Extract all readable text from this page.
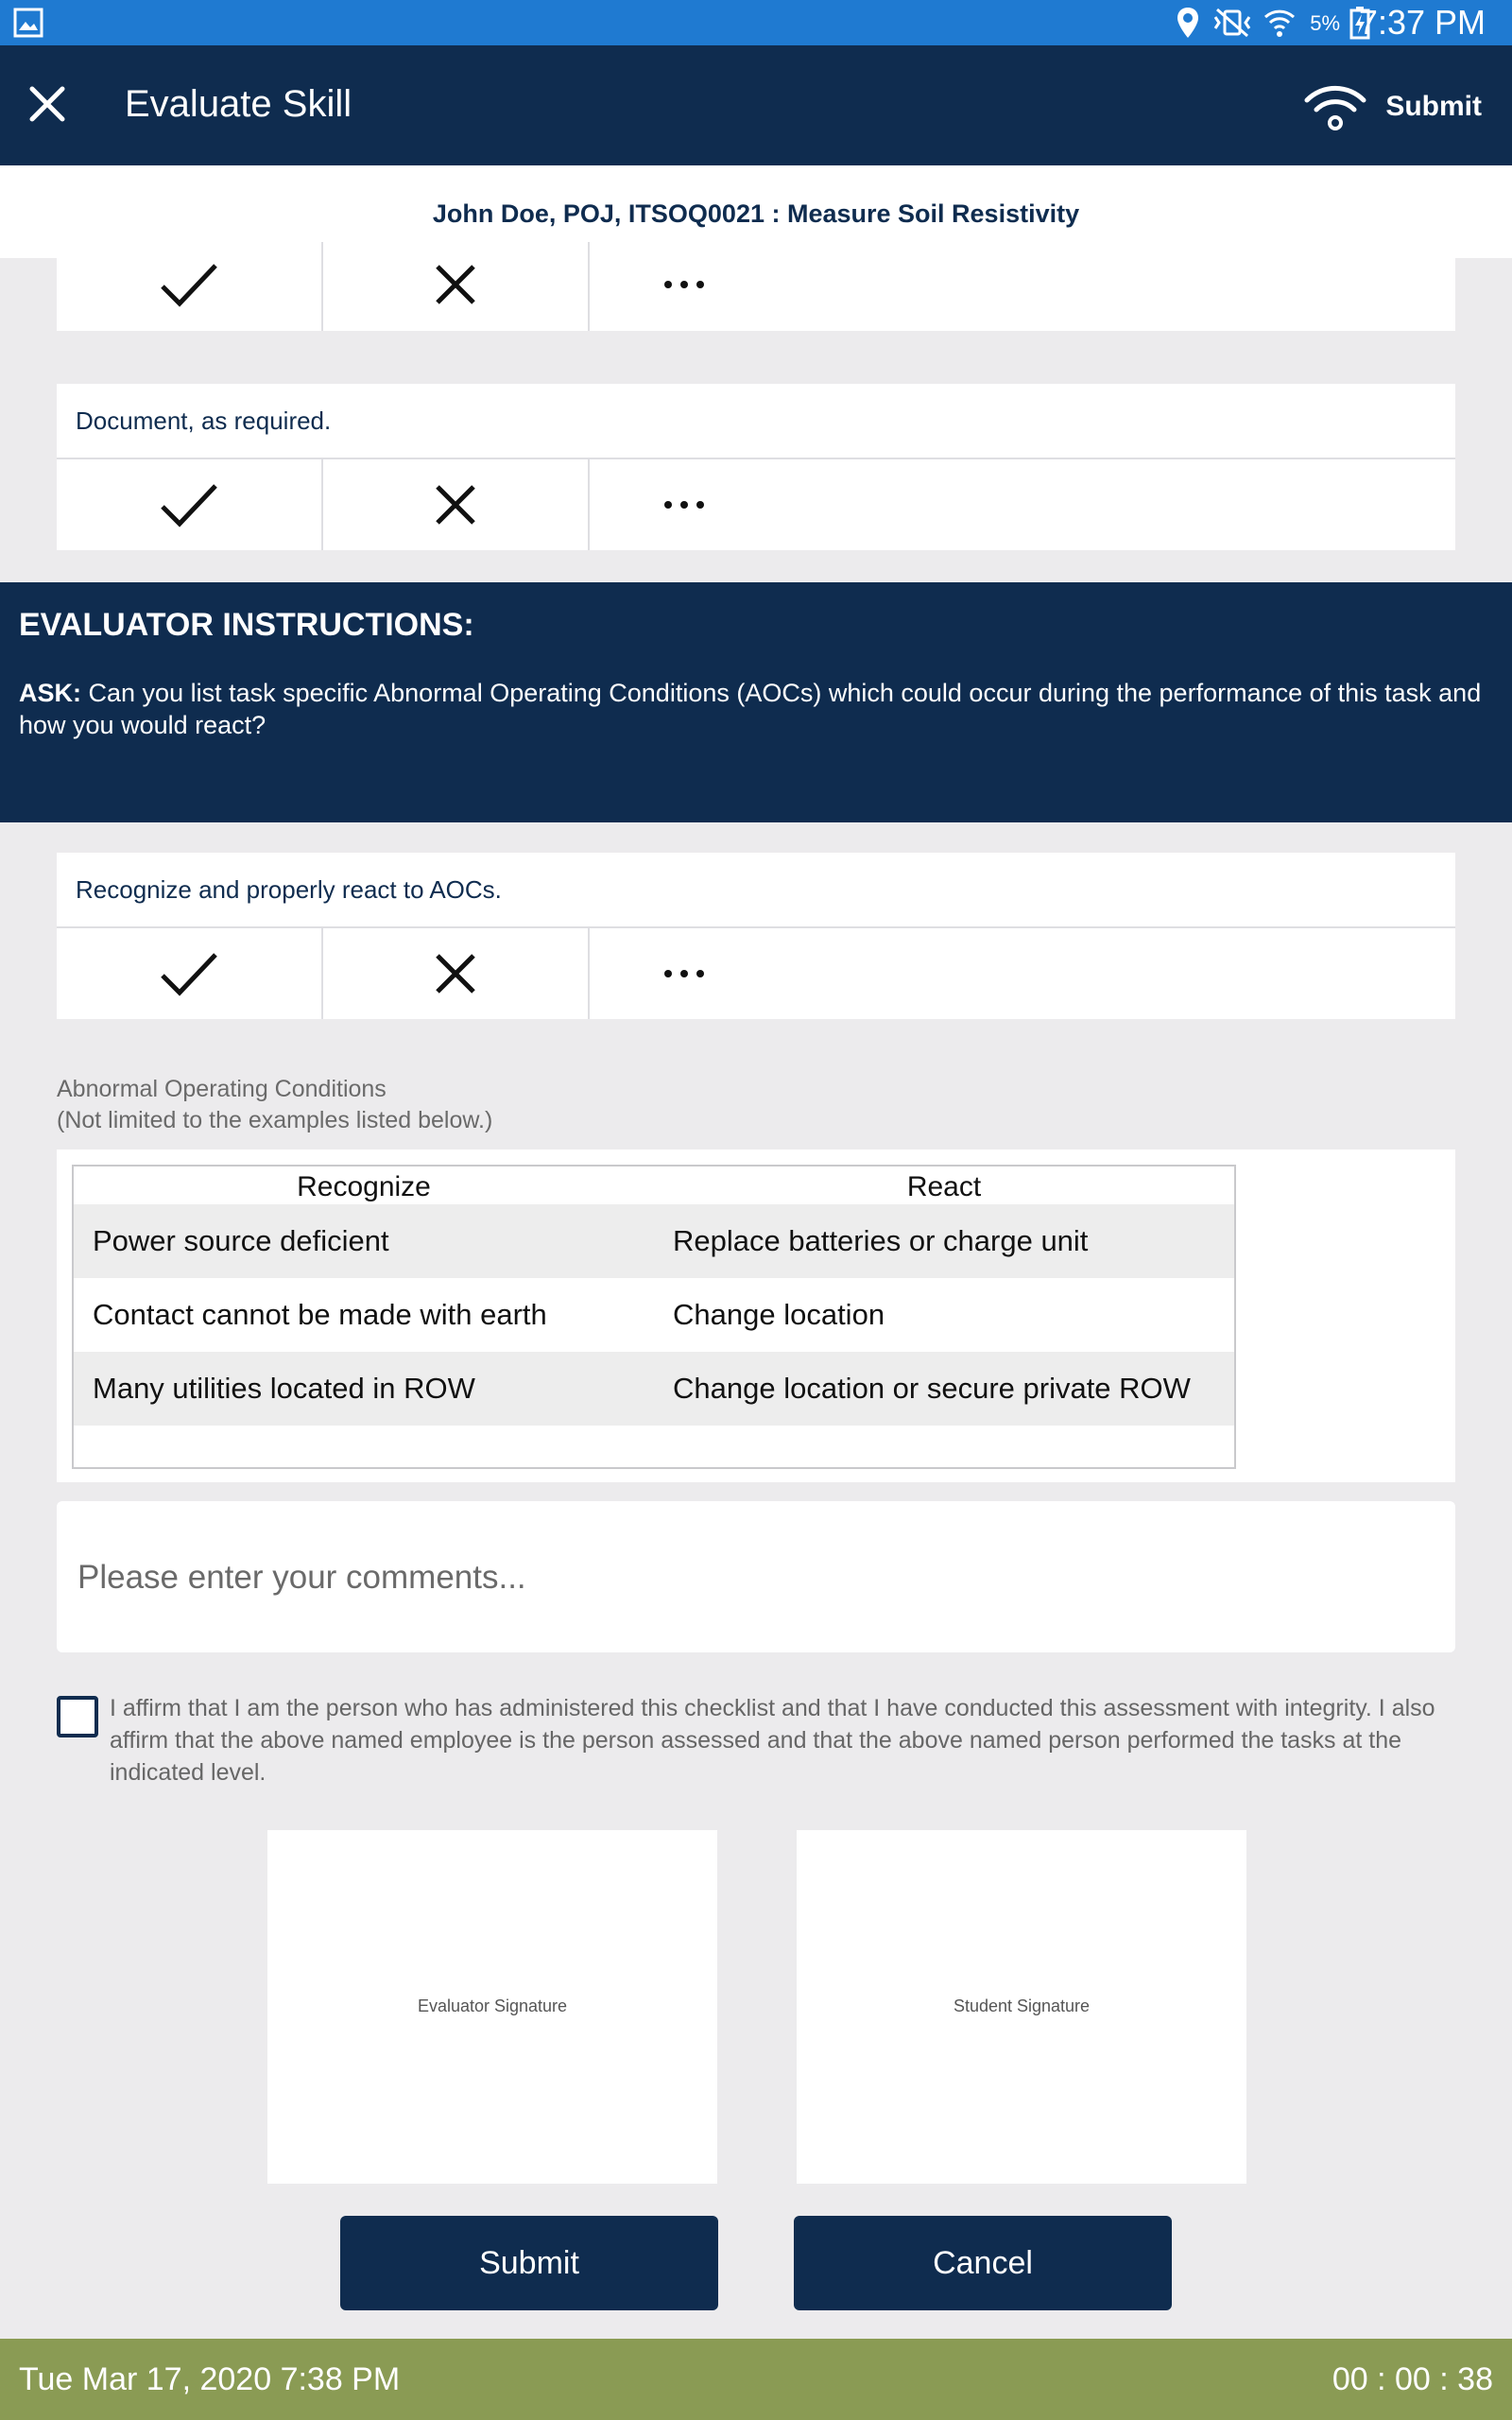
5% 7:37 PM
Evaluate Skill	Submit
John Doe, POJ, ITSOQ0021 : Measure Soil Resistivity
Document, as required.
EVALUATOR INSTRUCTIONS:
ASK: Can you list task specific Abnormal Operating Conditions (AOCs) which could occur during the performance of this task and how you would react?
Recognize and properly react to AOCs.
Abnormal Operating Conditions
(Not limited to the examples listed below.)
Recognize	React
Power source deficient	Replace batteries or charge unit
Contact cannot be made with earth	Change location
Many utilities located in ROW	Change location or secure private ROW
Please enter your comments...
I affirm that I am the person who has administered this checklist and that I have conducted this assessment with integrity. I also affirm that the above named employee is the person assessed and that the above named person performed the tasks at the indicated level.
Evaluator Signature	Student Signature
Submit	Cancel
Tue Mar 17, 2020 7:38 PM	00 : 00 : 38
